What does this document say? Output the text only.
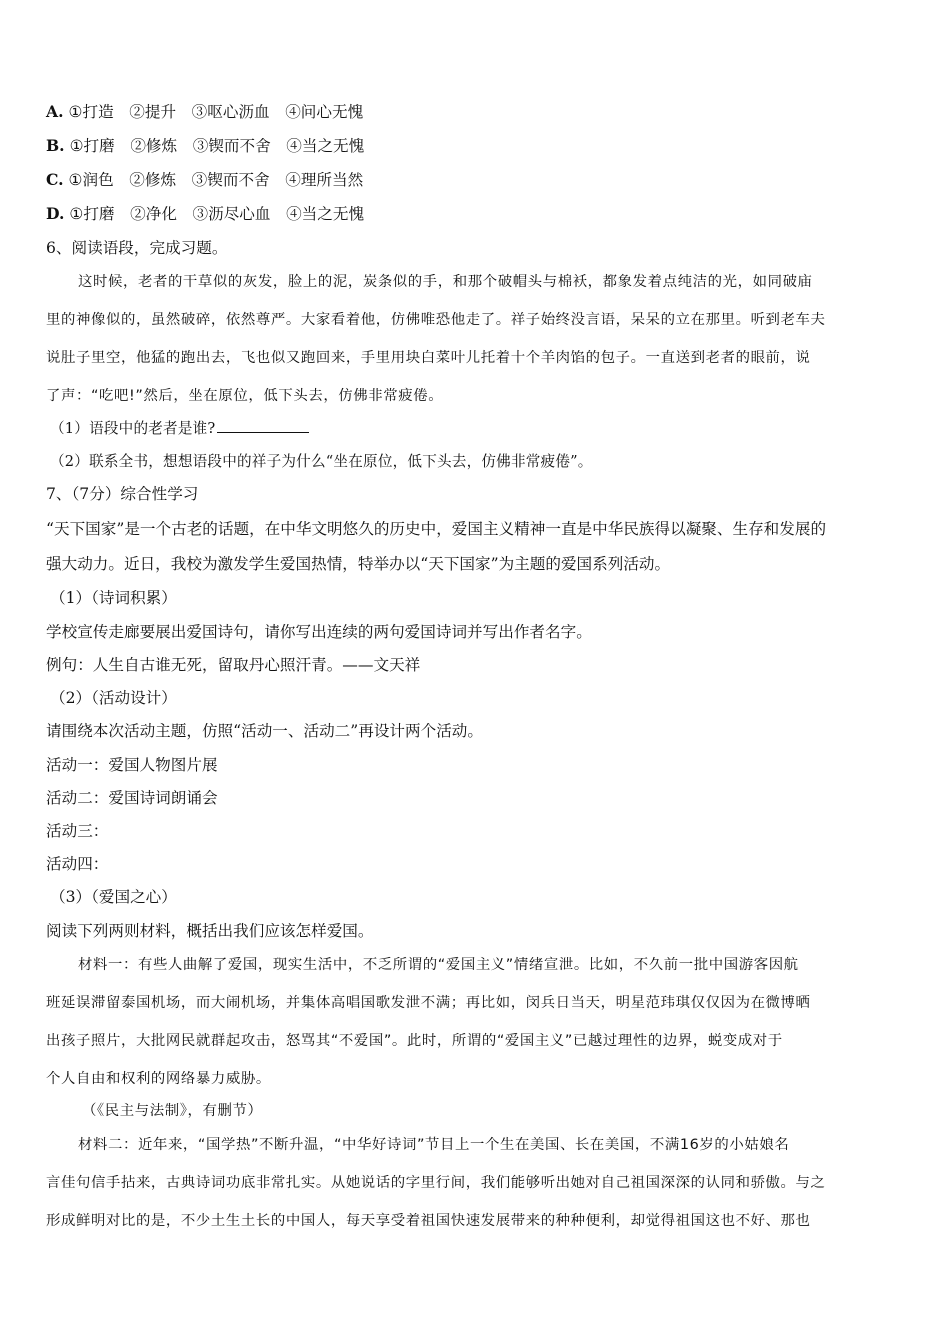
A. ①打造　②提升　③呕心沥血　④问心无愧
B. ①打磨　②修炼　③锲而不舍　④当之无愧
C. ①润色　②修炼　③锲而不舍　④理所当然
D. ①打磨　②净化　③沥尽心血　④当之无愧
6、阅读语段，完成习题。
这时候，老者的干草似的灰发，脸上的泥，炭条似的手，和那个破帽头与棉袄，都象发着点纯洁的光，如同破庙
里的神像似的，虽然破碎，依然尊严。大家看着他，仿佛唯恐他走了。祥子始终没言语，呆呆的立在那里。听到老车夫
说肚子里空，他猛的跑出去，飞也似又跑回来，手里用块白菜叶儿托着十个羊肉馅的包子。一直送到老者的眼前，说
了声：“吃吧!”然后，坐在原位，低下头去，仿佛非常疲倦。
（1）语段中的老者是谁?
（2）联系全书，想想语段中的祥子为什么“坐在原位，低下头去，仿佛非常疲倦”。
7、（7分）综合性学习
“天下国家”是一个古老的话题，在中华文明悠久的历史中，爱国主义精神一直是中华民族得以凝聚、生存和发展的
强大动力。近日，我校为激发学生爱国热情，特举办以“天下国家”为主题的爱国系列活动。
（1）（诗词积累）
学校宣传走廊要展出爱国诗句，请你写出连续的两句爱国诗词并写出作者名字。
例句：人生自古谁无死，留取丹心照汗青。——文天祥
（2）（活动设计）
请围绕本次活动主题，仿照“活动一、活动二”再设计两个活动。
活动一：爱国人物图片展
活动二：爱国诗词朗诵会
活动三：
活动四：
（3）（爱国之心）
阅读下列两则材料，概括出我们应该怎样爱国。
材料一：有些人曲解了爱国，现实生活中，不乏所谓的“爱国主义”情绪宣泄。比如，不久前一批中国游客因航
班延误滞留泰国机场，而大闹机场，并集体高唱国歌发泄不满；再比如，闵兵日当天，明星范玮琪仅仅因为在微博晒
出孩子照片，大批网民就群起攻击，怒骂其“不爱国”。此时，所谓的“爱国主义”已越过理性的边界，蜕变成对于
个人自由和权利的网络暴力威胁。
（《民主与法制》，有删节）
材料二：近年来，“国学热”不断升温，“中华好诗词”节目上一个生在美国、长在美国，不满16岁的小姑娘名
言佳句信手拈来，古典诗词功底非常扎实。从她说话的字里行间，我们能够听出她对自己祖国深深的认同和骄傲。与之
形成鲜明对比的是，不少土生土长的中国人，每天享受着祖国快速发展带来的种种便利，却觉得祖国这也不好、那也
